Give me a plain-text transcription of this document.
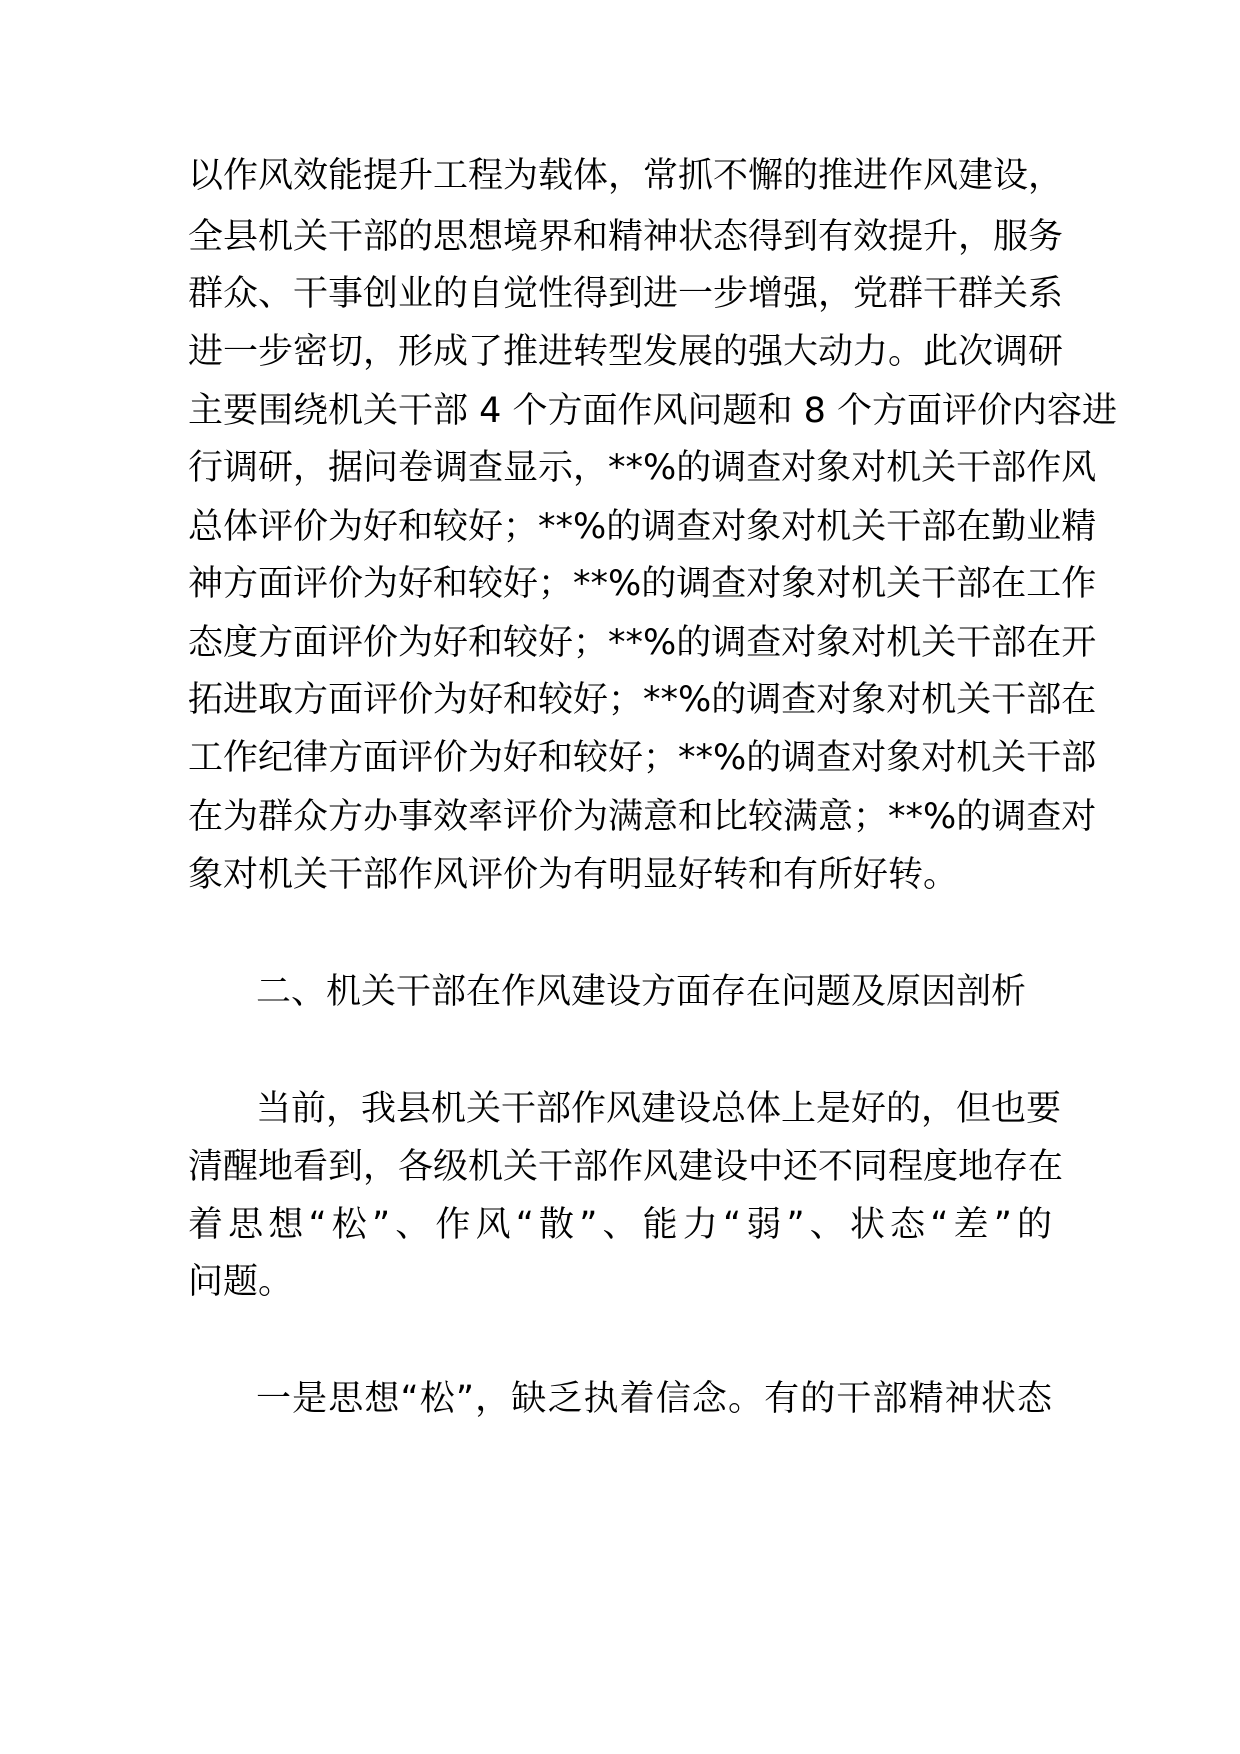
以作风效能提升工程为载体，常抓不懈的推进作风建设，
全县机关干部的思想境界和精神状态得到有效提升，服务
群众、干事创业的自觉性得到进一步增强，党群干群关系
进一步密切，形成了推进转型发展的强大动力。此次调研
主要围绕机关干部 4 个方面作风问题和 8 个方面评价内容进
行调研，据问卷调查显示，**%的调查对象对机关干部作风
总体评价为好和较好；**%的调查对象对机关干部在勤业精
神方面评价为好和较好；**%的调查对象对机关干部在工作
态度方面评价为好和较好；**%的调查对象对机关干部在开
拓进取方面评价为好和较好；**%的调查对象对机关干部在
工作纪律方面评价为好和较好；**%的调查对象对机关干部
在为群众方办事效率评价为满意和比较满意；**%的调查对
象对机关干部作风评价为有明显好转和有所好转。
二、机关干部在作风建设方面存在问题及原因剖析
当前，我县机关干部作风建设总体上是好的，但也要
清醒地看到，各级机关干部作风建设中还不同程度地存在
着思想“松”、作风“散”、能力“弱”、状态“差”的
问题。
一是思想“松”，缺乏执着信念。有的干部精神状态
